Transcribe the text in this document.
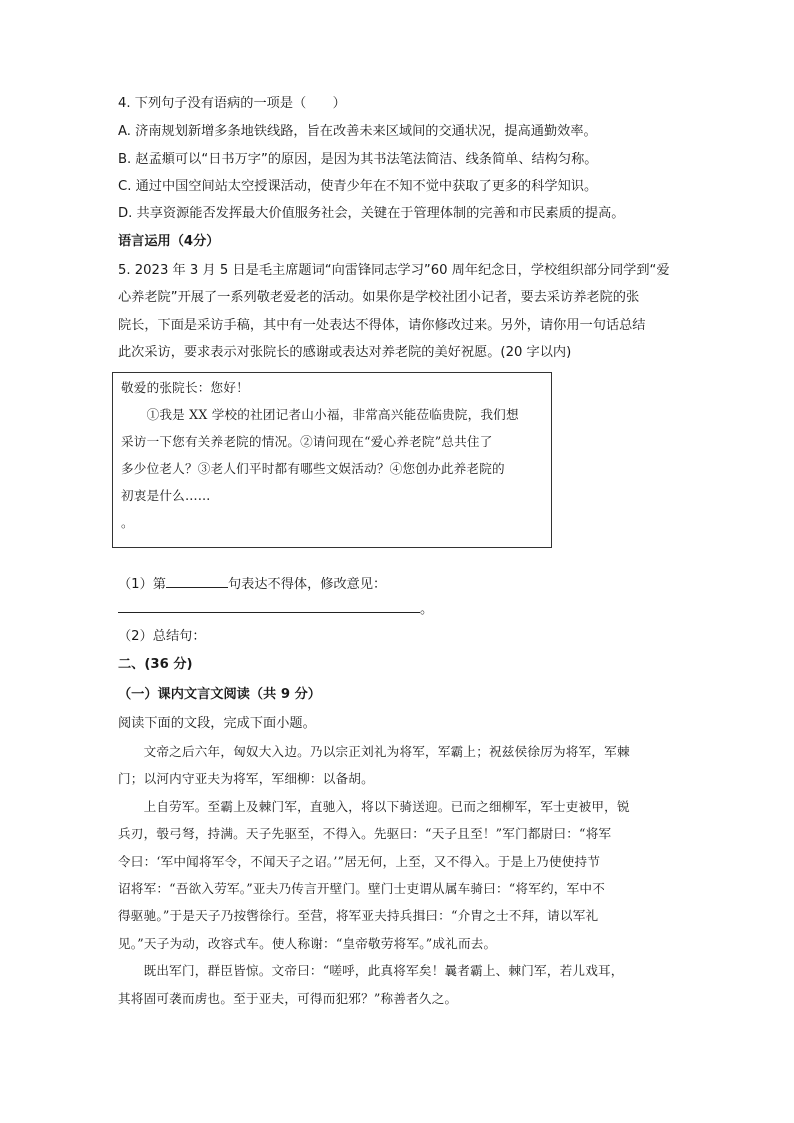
4. 下列句子没有语病的一项是（　　）
A. 济南规划新增多条地铁线路，旨在改善未来区域间的交通状况，提高通勤效率。
B. 赵孟頫可以“日书万字”的原因，是因为其书法笔法简洁、线条简单、结构匀称。
C. 通过中国空间站太空授课活动，使青少年在不知不觉中获取了更多的科学知识。
D. 共享资源能否发挥最大价值服务社会，关键在于管理体制的完善和市民素质的提高。
语言运用（4分）
5. 2023 年 3 月 5 日是毛主席题词“向雷锋同志学习”60 周年纪念日，学校组织部分同学到“爱
心养老院”开展了一系列敬老爱老的活动。如果你是学校社团小记者，要去采访养老院的张
院长，下面是采访手稿，其中有一处表达不得体，请你修改过来。另外，请你用一句话总结
此次采访，要求表示对张院长的感谢或表达对养老院的美好祝愿。(20 字以内)
敬爱的张院长：您好！
　　①我是 XX 学校的社团记者山小福，非常高兴能莅临贵院，我们想
采访一下您有关养老院的情况。②请问现在“爱心养老院”总共住了
多少位老人？③老人们平时都有哪些文娱活动？④您创办此养老院的
初衷是什么……
。
（1）第	句表达不得体，修改意见：
。
（2）总结句：
二、(36 分)
（一）课内文言文阅读（共 9 分）
阅读下面的文段，完成下面小题。
　　文帝之后六年，匈奴大入边。乃以宗正刘礼为将军，军霸上；祝兹侯徐厉为将军，军棘
门；以河内守亚夫为将军，军细柳：以备胡。
　　上自劳军。至霸上及棘门军，直驰入，将以下骑送迎。已而之细柳军，军士吏被甲，锐
兵刃，彀弓弩，持满。天子先驱至，不得入。先驱曰：“天子且至！”军门都尉曰：“将军
令曰：‘军中闻将军令，不闻天子之诏。’”居无何，上至，又不得入。于是上乃使使持节
诏将军：“吾欲入劳军。”亚夫乃传言开壁门。壁门士吏谓从属车骑曰：“将军约，军中不
得驱驰。”于是天子乃按辔徐行。至营，将军亚夫持兵揖曰：“介胄之士不拜，请以军礼
见。”天子为动，改容式车。使人称谢：“皇帝敬劳将军。”成礼而去。
　　既出军门，群臣皆惊。文帝曰：“嗟呼，此真将军矣！曩者霸上、棘门军，若儿戏耳，
其将固可袭而虏也。至于亚夫，可得而犯邪？”称善者久之。
